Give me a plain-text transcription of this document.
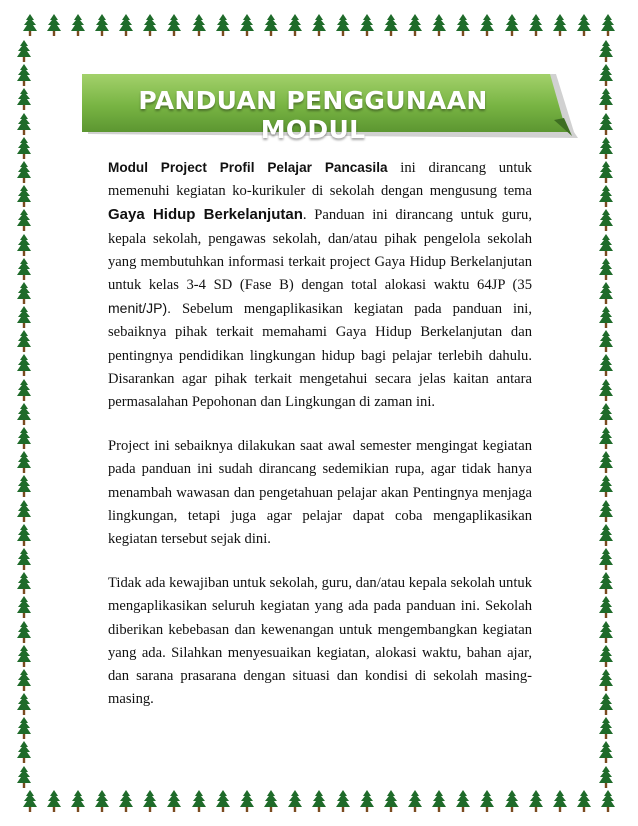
PANDUAN PENGGUNAAN MODUL

Modul Project Profil Pelajar Pancasila ini dirancang untuk memenuhi kegiatan ko-kurikuler di sekolah dengan mengusung tema Gaya Hidup Berkelanjutan. Panduan ini dirancang untuk guru, kepala sekolah, pengawas sekolah, dan/atau pihak pengelola sekolah yang membutuhkan informasi terkait project Gaya Hidup Berkelanjutan untuk kelas 3-4 SD (Fase B) dengan total alokasi waktu 64JP (35 menit/JP). Sebelum mengaplikasikan kegiatan pada panduan ini, sebaiknya pihak terkait memahami Gaya Hidup Berkelanjutan dan pentingnya pendidikan lingkungan hidup bagi pelajar terlebih dahulu. Disarankan agar pihak terkait mengetahui secara jelas kaitan antara permasalahan Pepohonan dan Lingkungan di zaman ini.

Project ini sebaiknya dilakukan saat awal semester mengingat kegiatan pada panduan ini sudah dirancang sedemikian rupa, agar tidak hanya menambah wawasan dan pengetahuan pelajar akan Pentingnya menjaga lingkungan, tetapi juga agar pelajar dapat coba mengaplikasikan kegiatan tersebut sejak dini.

Tidak ada kewajiban untuk sekolah, guru, dan/atau kepala sekolah untuk mengaplikasikan seluruh kegiatan yang ada pada panduan ini. Sekolah diberikan kebebasan dan kewenangan untuk mengembangkan kegiatan yang ada. Silahkan menyesuaikan kegiatan, alokasi waktu, bahan ajar, dan sarana prasarana dengan situasi dan kondisi di sekolah masing-masing.
